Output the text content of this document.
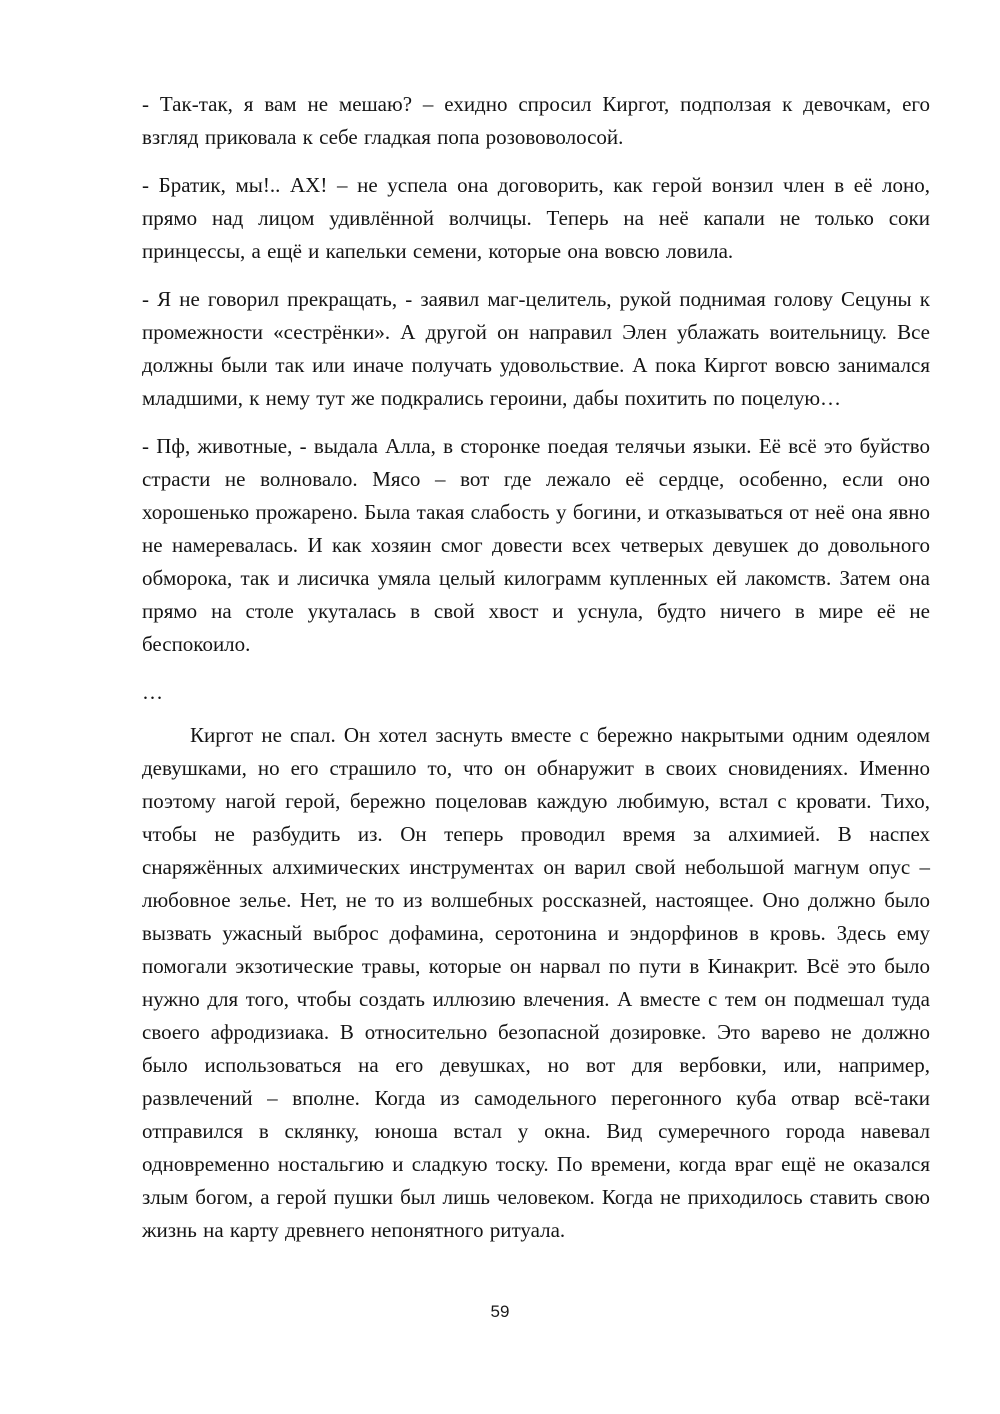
- Так-так, я вам не мешаю? – ехидно спросил Киргот, подползая к девочкам, его взгляд приковала к себе гладкая попа розововолосой.

- Братик, мы!.. АХ! – не успела она договорить, как герой вонзил член в её лоно, прямо над лицом удивлённой волчицы. Теперь на неё капали не только соки принцессы, а ещё и капельки семени, которые она вовсю ловила.

- Я не говорил прекращать, - заявил маг-целитель, рукой поднимая голову Сецуны к промежности «сестрёнки». А другой он направил Элен ублажать воительницу. Все должны были так или иначе получать удовольствие. А пока Киргот вовсю занимался младшими, к нему тут же подкрались героини, дабы похитить по поцелую…

- Пф, животные, - выдала Алла, в сторонке поедая телячьи языки. Её всё это буйство страсти не волновало. Мясо – вот где лежало её сердце, особенно, если оно хорошенько прожарено. Была такая слабость у богини, и отказываться от неё она явно не намеревалась. И как хозяин смог довести всех четверых девушек до довольного обморока, так и лисичка умяла целый килограмм купленных ей лакомств. Затем она прямо на столе укуталась в свой хвост и уснула, будто ничего в мире её не беспокоило.

…

Киргот не спал. Он хотел заснуть вместе с бережно накрытыми одним одеялом девушками, но его страшило то, что он обнаружит в своих сновидениях. Именно поэтому нагой герой, бережно поцеловав каждую любимую, встал с кровати. Тихо, чтобы не разбудить из. Он теперь проводил время за алхимией. В наспех снаряжённых алхимических инструментах он варил свой небольшой магнум опус – любовное зелье. Нет, не то из волшебных россказней, настоящее. Оно должно было вызвать ужасный выброс дофамина, серотонина и эндорфинов в кровь. Здесь ему помогали экзотические травы, которые он нарвал по пути в Кинакрит. Всё это было нужно для того, чтобы создать иллюзию влечения. А вместе с тем он подмешал туда своего афродизиака. В относительно безопасной дозировке. Это варево не должно было использоваться на его девушках, но вот для вербовки, или, например, развлечений – вполне. Когда из самодельного перегонного куба отвар всё-таки отправился в склянку, юноша встал у окна. Вид сумеречного города навевал одновременно ностальгию и сладкую тоску. По времени, когда враг ещё не оказался злым богом, а герой пушки был лишь человеком. Когда не приходилось ставить свою жизнь на карту древнего непонятного ритуала.

59
